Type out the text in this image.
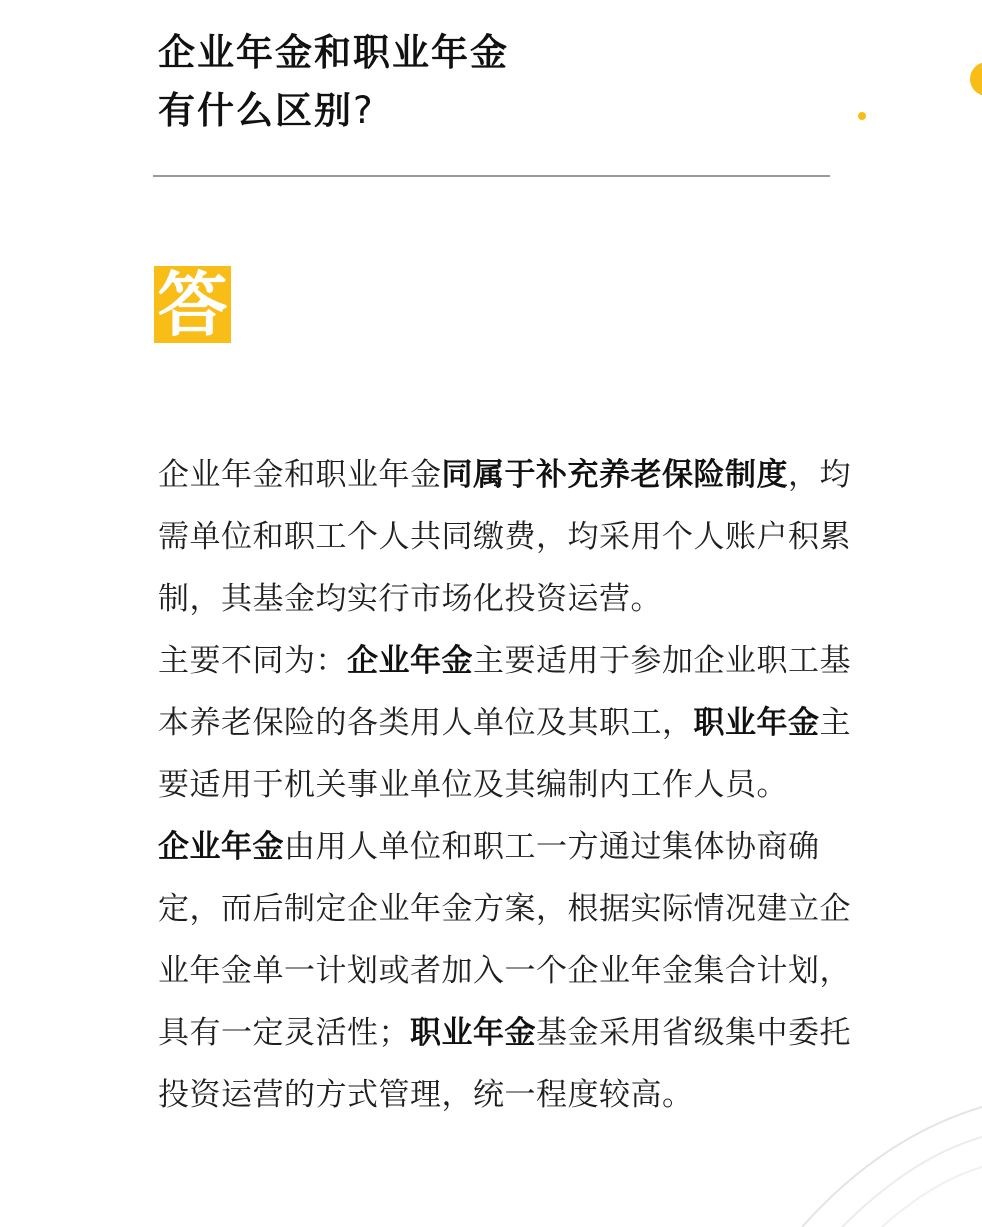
企业年金和职业年金
有什么区别?
答

企业年金和职业年金同属于补充养老保险制度，均需单位和职工个人共同缴费，均采用个人账户积累制，其基金均实行市场化投资运营。

主要不同为：企业年金主要适用于参加企业职工基本养老保险的各类用人单位及其职工，职业年金主要适用于机关事业单位及其编制内工作人员。

企业年金由用人单位和职工一方通过集体协商确定，而后制定企业年金方案，根据实际情况建立企业年金单一计划或者加入一个企业年金集合计划，具有一定灵活性；职业年金基金采用省级集中委托投资运营的方式管理，统一程度较高。
